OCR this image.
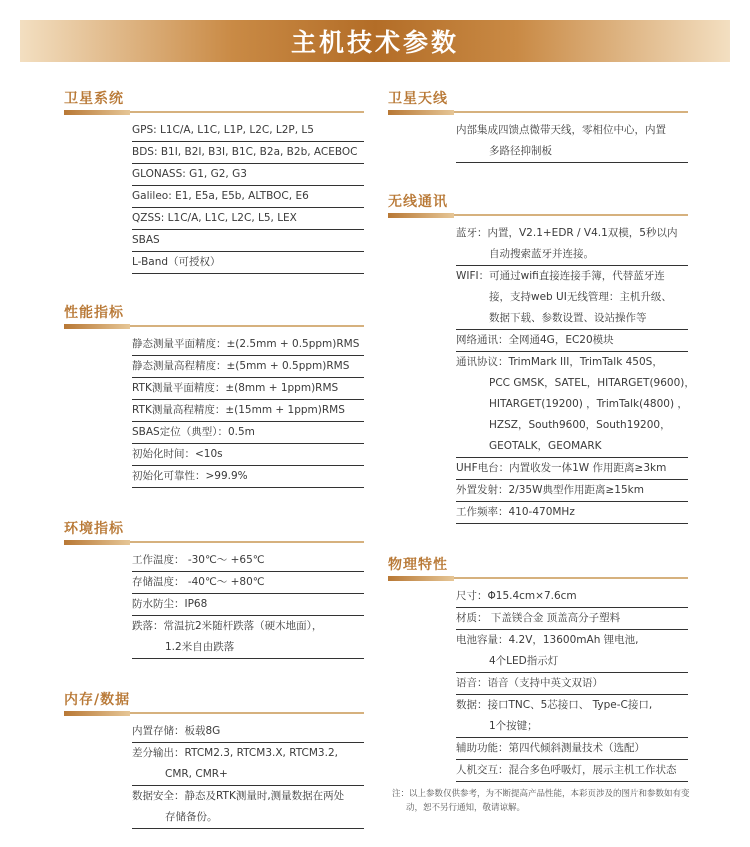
主机技术参数
卫星系统
GPS: L1C/A, L1C, L1P, L2C, L2P, L5
BDS: B1I, B2I, B3I, B1C, B2a, B2b, ACEBOC
GLONASS: G1, G2, G3
Galileo: E1, E5a, E5b, ALTBOC, E6
QZSS: L1C/A, L1C, L2C, L5, LEX
SBAS
L-Band（可授权）
性能指标
静态测量平面精度：±(2.5mm + 0.5ppm)RMS
静态测量高程精度：±(5mm + 0.5ppm)RMS
RTK测量平面精度：±(8mm + 1ppm)RMS
RTK测量高程精度：±(15mm + 1ppm)RMS
SBAS定位（典型）：0.5m
初始化时间：<10s
初始化可靠性：>99.9%
环境指标
工作温度： -30℃～ +65℃
存储温度： -40℃～ +80℃
防水防尘：IP68
跌落：常温抗2米随杆跌落（硬木地面），
1.2米自由跌落
内存/数据
内置存储：板载8G
差分输出：RTCM2.3, RTCM3.X, RTCM3.2,
CMR, CMR+
数据安全：静态及RTK测量时,测量数据在两处
存储备份。
卫星天线
内部集成四馈点微带天线，零相位中心，内置
多路径抑制板
无线通讯
蓝牙：内置，V2.1+EDR / V4.1双模，5秒以内
自动搜索蓝牙并连接。
WIFI：可通过wifi直接连接手簿，代替蓝牙连
接，支持web UI无线管理：主机升级、
数据下载、参数设置、设站操作等
网络通讯：全网通4G，EC20模块
通讯协议：TrimMark III，TrimTalk 450S，
PCC GMSK，SATEL，HITARGET(9600)，
HITARGET(19200) ，TrimTalk(4800) ，
HZSZ，South9600，South19200，
GEOTALK，GEOMARK
UHF电台：内置收发一体1W 作用距离≥3km
外置发射：2/35W典型作用距离≥15km
工作频率：410-470MHz
物理特性
尺寸：Φ15.4cm×7.6cm
材质： 下盖镁合金 顶盖高分子塑料
电池容量：4.2V，13600mAh 锂电池,
4个LED指示灯
语音：语音（支持中英文双语）
数据：接口TNC、5芯接口、 Type-C接口,
1个按键；
辅助功能：第四代倾斜测量技术（选配）
人机交互：混合多色呼吸灯，展示主机工作状态
注：以上参数仅供参考，为不断提高产品性能，本彩页涉及的图片和参数如有变
动，恕不另行通知，敬请谅解。
